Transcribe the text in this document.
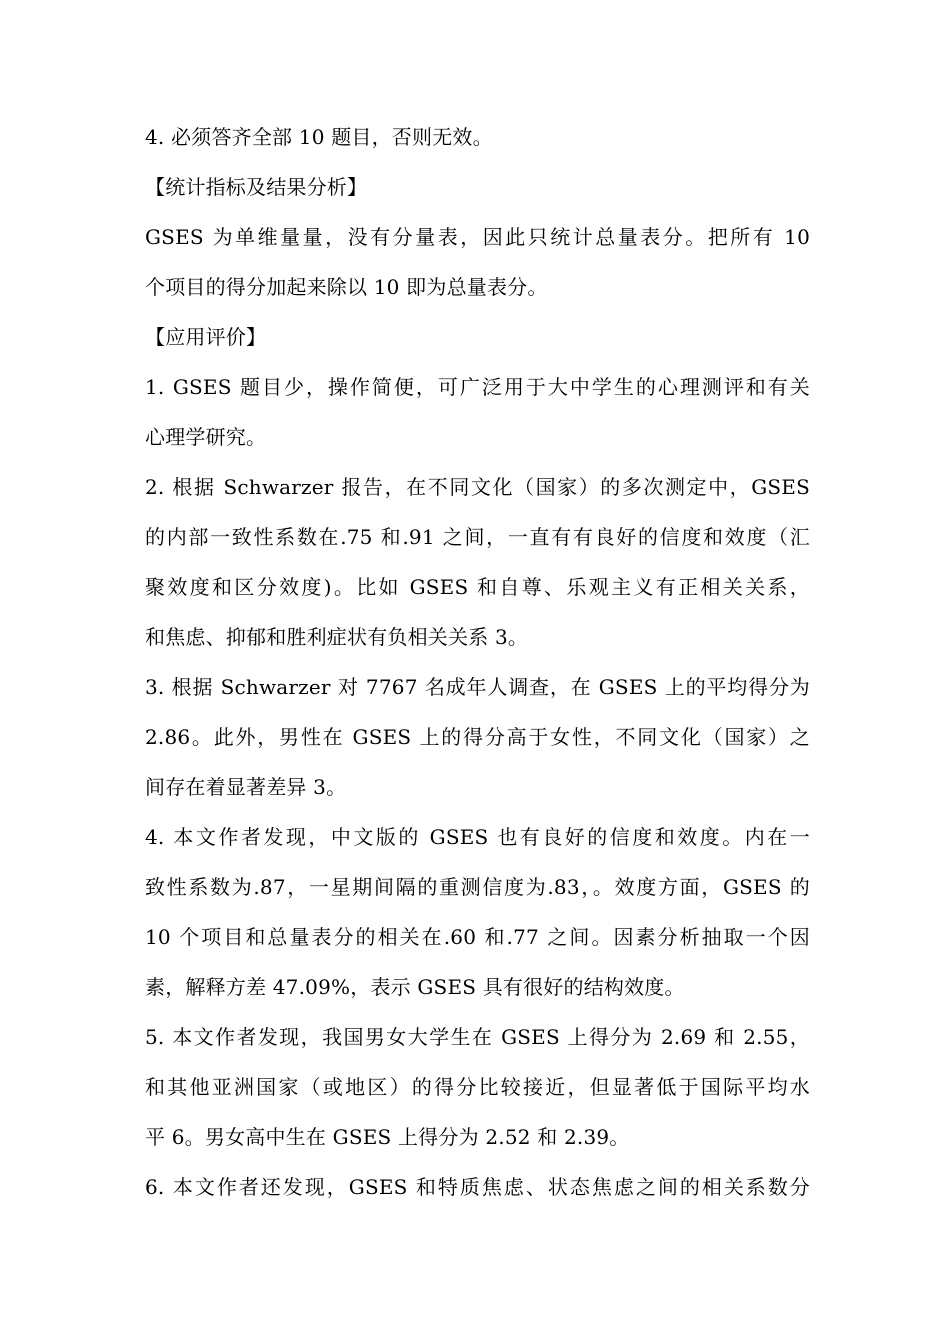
4. 必须答齐全部 10 题目，否则无效。
【统计指标及结果分析】
GSES 为单维量量，没有分量表，因此只统计总量表分。把所有 10
个项目的得分加起来除以 10 即为总量表分。
【应用评价】
1. GSES 题目少，操作简便，可广泛用于大中学生的心理测评和有关
心理学研究。
2. 根据 Schwarzer 报告，在不同文化（国家）的多次测定中，GSES
的内部一致性系数在.75 和.91 之间，一直有有良好的信度和效度（汇
聚效度和区分效度)。比如 GSES 和自尊、乐观主义有正相关关系，
和焦虑、抑郁和胜利症状有负相关关系 3。
3. 根据 Schwarzer 对 7767 名成年人调查，在 GSES 上的平均得分为
2.86。此外，男性在 GSES 上的得分高于女性，不同文化（国家）之
间存在着显著差异 3。
4. 本文作者发现，中文版的 GSES 也有良好的信度和效度。内在一
致性系数为.87，一星期间隔的重测信度为.83，。效度方面，GSES 的
10 个项目和总量表分的相关在.60 和.77 之间。因素分析抽取一个因
素，解释方差 47.09%，表示 GSES 具有很好的结构效度。
5. 本文作者发现，我国男女大学生在 GSES 上得分为 2.69 和 2.55，
和其他亚洲国家（或地区）的得分比较接近，但显著低于国际平均水
平 6。男女高中生在 GSES 上得分为 2.52 和 2.39。
6. 本文作者还发现，GSES 和特质焦虑、状态焦虑之间的相关系数分
